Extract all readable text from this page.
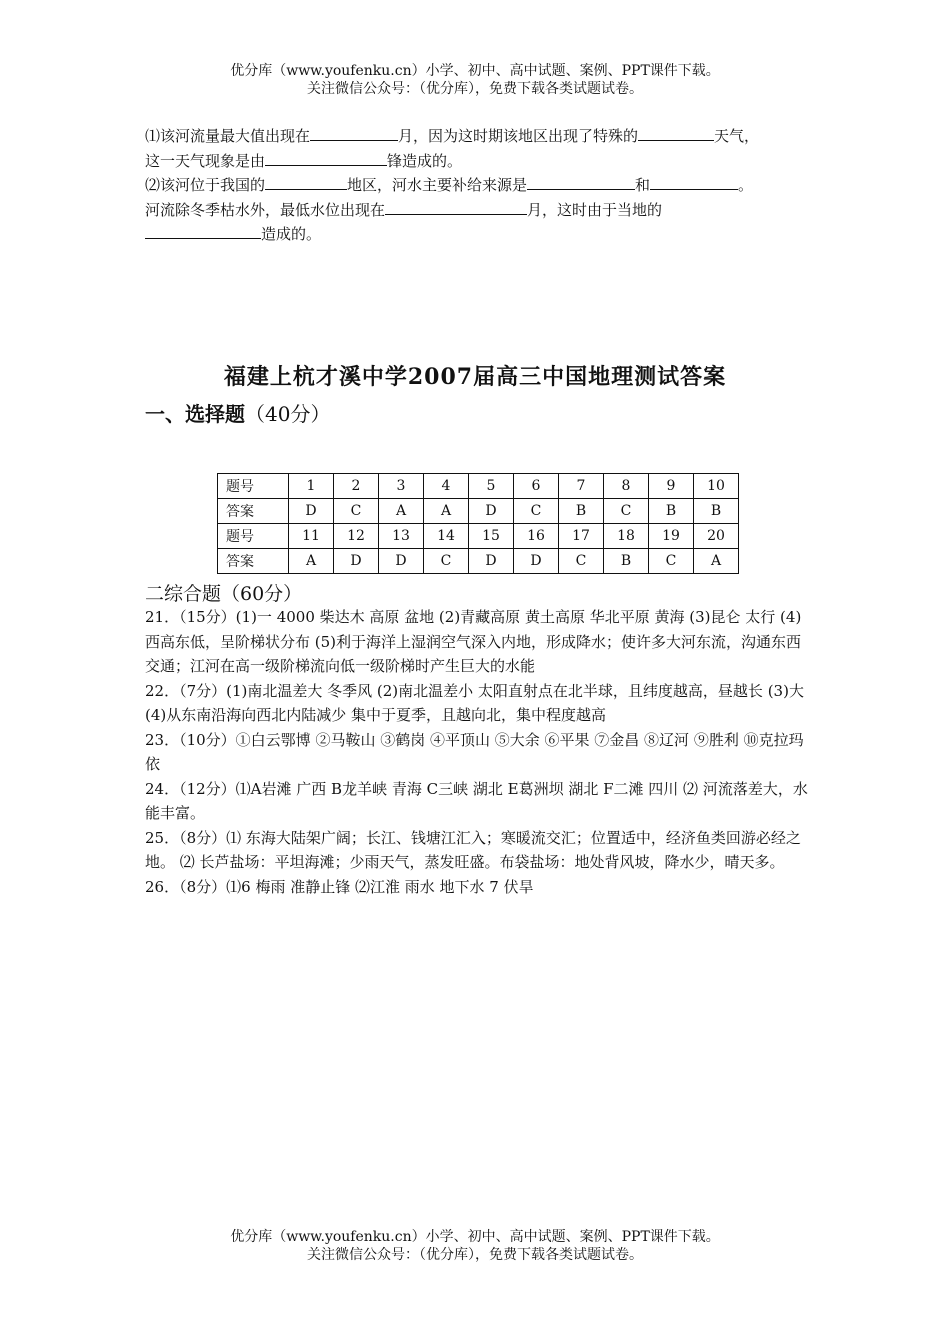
优分库（www.youfenku.cn）小学、初中、高中试题、案例、PPT课件下载。
关注微信公众号：（优分库），免费下载各类试题试卷。
⑴该河流量最大值出现在	月，因为这时期该地区出现了特殊的	天气，
这一天气现象是由	锋造成的。
⑵该河位于我国的	地区，河水主要补给来源是	和	。
河流除冬季枯水外，最低水位出现在	月，这时由于当地的
造成的。
福建上杭才溪中学2007届高三中国地理测试答案
一、选择题（40分）
题号	1	2	3	4	5	6	7	8	9	10
答案	D	C	A	A	D	C	B	C	B	B
题号	11	12	13	14	15	16	17	18	19	20
答案	A	D	D	C	D	D	C	B	C	A
二综合题（60分）

21．（15分）(1)一 4000 柴达木 高原 盆地 (2)青藏高原 黄土高原 华北平原 黄海 (3)昆仑 太行 (4)西高东低，呈阶梯状分布 (5)利于海洋上湿润空气深入内地，形成降水；使许多大河东流，沟通东西交通；江河在高一级阶梯流向低一级阶梯时产生巨大的水能

22．（7分）(1)南北温差大 冬季风 (2)南北温差小 太阳直射点在北半球，且纬度越高，昼越长 (3)大 (4)从东南沿海向西北内陆减少 集中于夏季，且越向北，集中程度越高

23．（10分）①白云鄂博 ②马鞍山 ③鹤岗 ④平顶山 ⑤大余 ⑥平果 ⑦金昌 ⑧辽河 ⑨胜利 ⑩克拉玛依

24．（12分）⑴A岩滩 广西 B龙羊峡 青海 C三峡 湖北 E葛洲坝 湖北 F二滩 四川 ⑵ 河流落差大，水能丰富。

25．（8分）⑴ 东海大陆架广阔；长江、钱塘江汇入；寒暖流交汇；位置适中，经济鱼类回游必经之地。 ⑵ 长芦盐场：平坦海滩；少雨天气，蒸发旺盛。布袋盐场：地处背风坡，降水少，晴天多。

26．（8分）⑴6 梅雨 准静止锋 ⑵江淮 雨水 地下水 7 伏旱

优分库（www.youfenku.cn）小学、初中、高中试题、案例、PPT课件下载。
关注微信公众号：（优分库），免费下载各类试题试卷。
